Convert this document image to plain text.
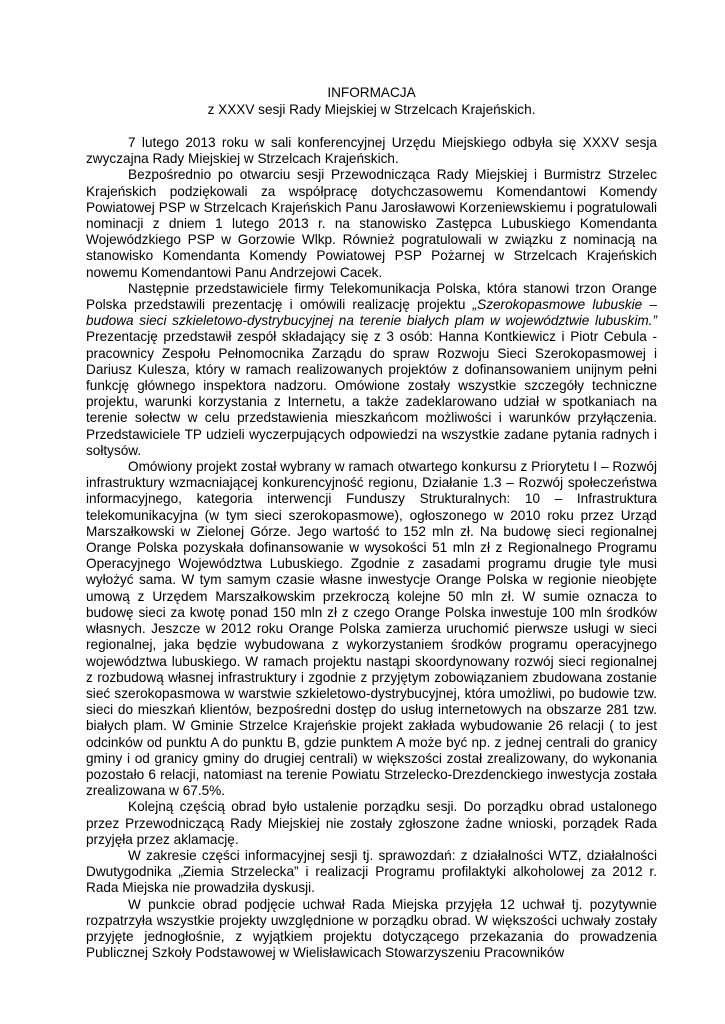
INFORMACJA
z XXXV sesji Rady Miejskiej w Strzelcach Krajeńskich.

7 lutego 2013 roku w sali konferencyjnej Urzędu Miejskiego odbyła się XXXV sesja zwyczajna Rady Miejskiej w Strzelcach Krajeńskich.

Bezpośrednio po otwarciu sesji Przewodnicząca Rady Miejskiej i Burmistrz Strzelec Krajeńskich podziękowali za współpracę dotychczasowemu Komendantowi Komendy Powiatowej PSP w Strzelcach Krajeńskich Panu Jarosławowi Korzeniewskiemu i pogratulowali nominacji z dniem 1 lutego 2013 r. na stanowisko Zastępca Lubuskiego Komendanta Wojewódzkiego PSP w Gorzowie Wlkp. Również pogratulowali w związku z nominacją na stanowisko Komendanta Komendy Powiatowej PSP Pożarnej w Strzelcach Krajeńskich nowemu Komendantowi Panu Andrzejowi Cacek.

Następnie przedstawiciele firmy Telekomunikacja Polska, która stanowi trzon Orange Polska przedstawili prezentację i omówili realizację projektu „Szerokopasmowe lubuskie – budowa sieci szkieletowo-dystrybucyjnej na terenie białych plam w województwie lubuskim.” Prezentację przedstawił zespół składający się z 3 osób: Hanna Kontkiewicz i Piotr Cebula - pracownicy Zespołu Pełnomocnika Zarządu do spraw Rozwoju Sieci Szerokopasmowej i Dariusz Kulesza, który w ramach realizowanych projektów z dofinansowaniem unijnym pełni funkcję głównego inspektora nadzoru. Omówione zostały wszystkie szczegóły techniczne projektu, warunki korzystania z Internetu, a także zadeklarowano udział w spotkaniach na terenie sołectw w celu przedstawienia mieszkańcom możliwości i warunków przyłączenia. Przedstawiciele TP udzieli wyczerpujących odpowiedzi na wszystkie zadane pytania radnych i sołtysów.

Omówiony projekt został wybrany w ramach otwartego konkursu z Priorytetu I – Rozwój infrastruktury wzmacniającej konkurencyjność regionu, Działanie 1.3 – Rozwój społeczeństwa informacyjnego, kategoria interwencji Funduszy Strukturalnych: 10 – Infrastruktura telekomunikacyjna (w tym sieci szerokopasmowe), ogłoszonego w 2010 roku przez Urząd Marszałkowski w Zielonej Górze. Jego wartość to 152 mln zł. Na budowę sieci regionalnej Orange Polska pozyskała dofinansowanie w wysokości 51 mln zł z Regionalnego Programu Operacyjnego Województwa Lubuskiego. Zgodnie z zasadami programu drugie tyle musi wyłożyć sama. W tym samym czasie własne inwestycje Orange Polska w regionie nieobjęte umową z Urzędem Marszałkowskim przekroczą kolejne 50 mln zł. W sumie oznacza to budowę sieci za kwotę ponad 150 mln zł z czego Orange Polska inwestuje 100 mln środków własnych. Jeszcze w 2012 roku Orange Polska zamierza uruchomić pierwsze usługi w sieci regionalnej, jaka będzie wybudowana z wykorzystaniem środków programu operacyjnego województwa lubuskiego. W ramach projektu nastąpi skoordynowany rozwój sieci regionalnej z rozbudową własnej infrastruktury i zgodnie z przyjętym zobowiązaniem zbudowana zostanie sieć szerokopasmowa w warstwie szkieletowo-dystrybucyjnej, która umożliwi, po budowie tzw. sieci do mieszkań klientów, bezpośredni dostęp do usług internetowych na obszarze 281 tzw. białych plam. W Gminie Strzelce Krajeńskie projekt zakłada wybudowanie 26 relacji ( to jest odcinków od punktu A do punktu B, gdzie punktem A może być np. z jednej centrali do granicy gminy i od granicy gminy do drugiej centrali) w większości został zrealizowany, do wykonania pozostało 6 relacji, natomiast na terenie Powiatu Strzelecko-Drezdenckiego inwestycja została zrealizowana w 67.5%.

Kolejną częścią obrad było ustalenie porządku sesji. Do porządku obrad ustalonego przez Przewodniczącą Rady Miejskiej nie zostały zgłoszone żadne wnioski, porządek Rada przyjęła przez aklamację.

W zakresie części informacyjnej sesji tj. sprawozdań: z działalności WTZ, działalności Dwutygodnika „Ziemia Strzelecka” i realizacji Programu profilaktyki alkoholowej za 2012 r. Rada Miejska nie prowadziła dyskusji.

W punkcie obrad podjęcie uchwał Rada Miejska przyjęła 12 uchwał tj. pozytywnie rozpatrzyła wszystkie projekty uwzględnione w porządku obrad. W większości uchwały zostały przyjęte jednogłośnie, z wyjątkiem projektu dotyczącego przekazania do prowadzenia Publicznej Szkoły Podstawowej w Wielisławicach Stowarzyszeniu Pracowników
